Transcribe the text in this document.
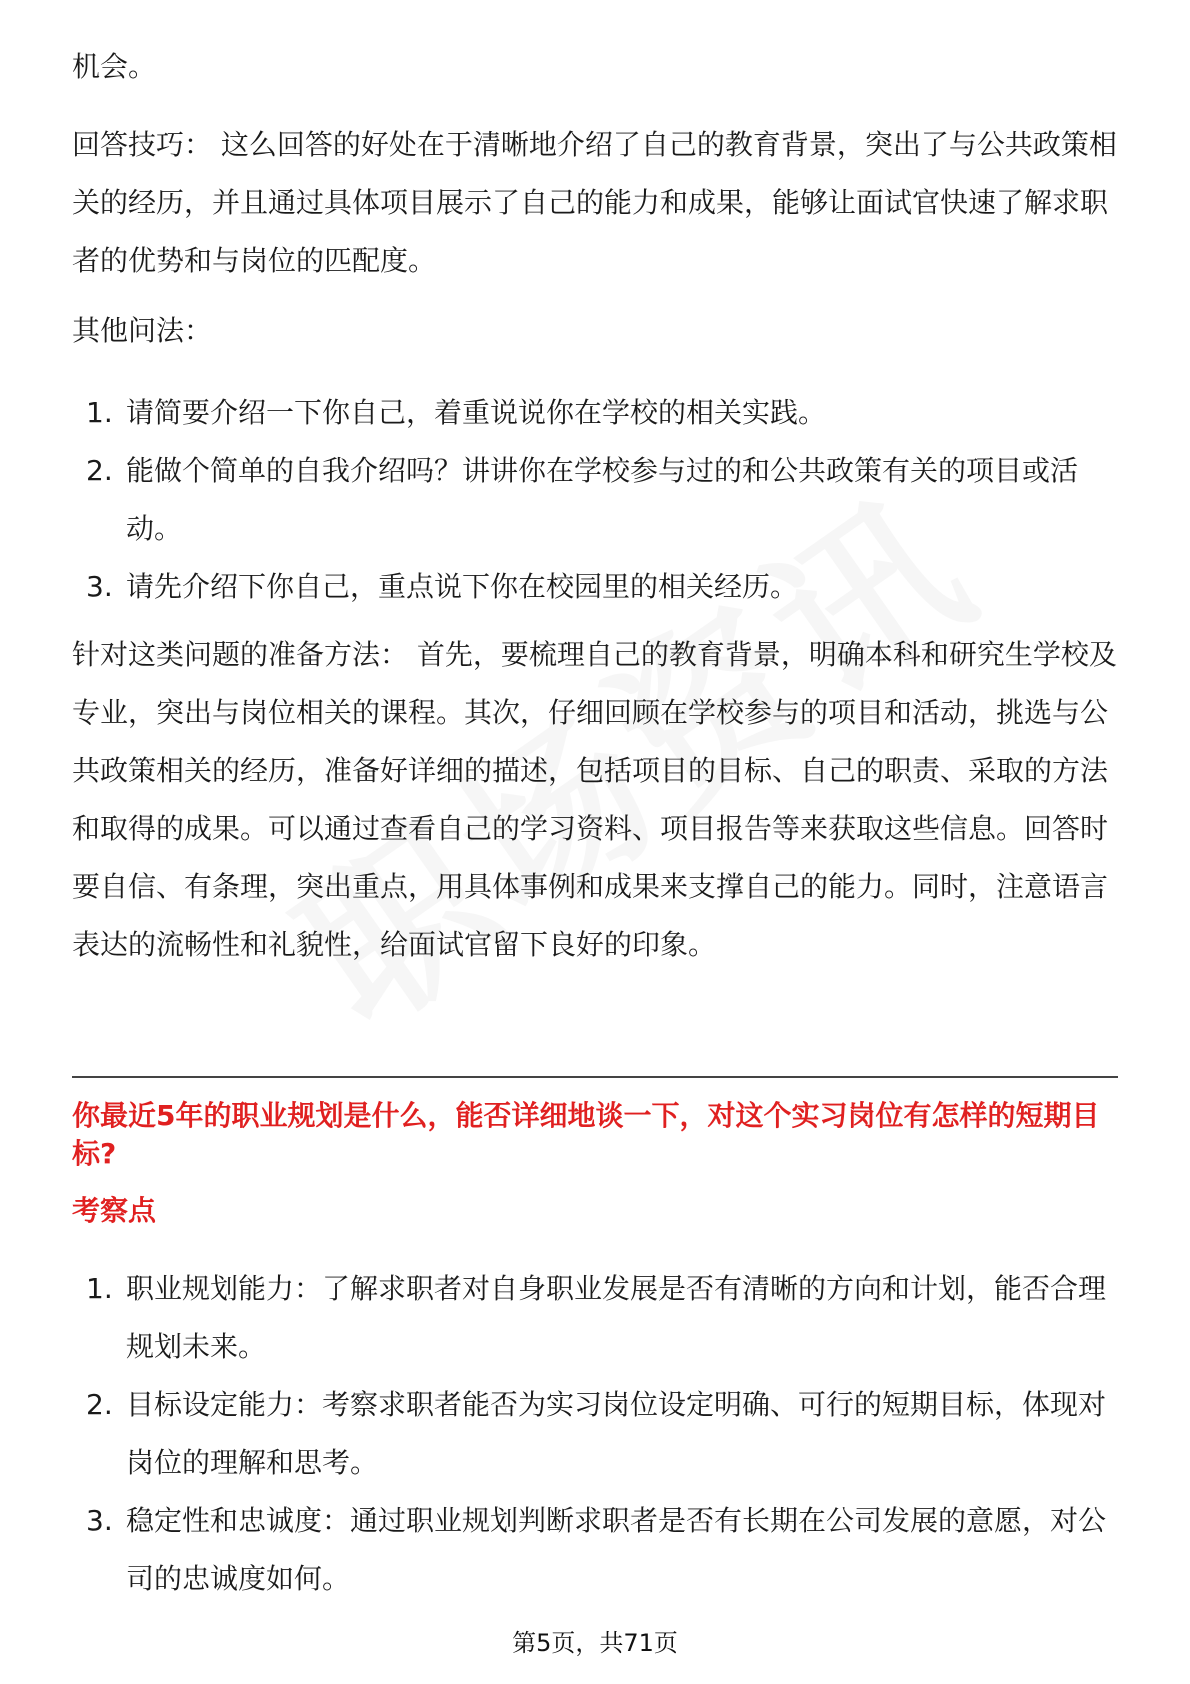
机会。

回答技巧： 这么回答的好处在于清晰地介绍了自己的教育背景，突出了与公共政策相关的经历，并且通过具体项目展示了自己的能力和成果，能够让面试官快速了解求职者的优势和与岗位的匹配度。

其他问法：

1. 请简要介绍一下你自己，着重说说你在学校的相关实践。
2. 能做个简单的自我介绍吗？讲讲你在学校参与过的和公共政策有关的项目或活动。
3. 请先介绍下你自己，重点说下你在校园里的相关经历。

针对这类问题的准备方法： 首先，要梳理自己的教育背景，明确本科和研究生学校及专业，突出与岗位相关的课程。其次，仔细回顾在学校参与的项目和活动，挑选与公共政策相关的经历，准备好详细的描述，包括项目的目标、自己的职责、采取的方法和取得的成果。可以通过查看自己的学习资料、项目报告等来获取这些信息。回答时要自信、有条理，突出重点，用具体事例和成果来支撑自己的能力。同时，注意语言表达的流畅性和礼貌性，给面试官留下良好的印象。

你最近5年的职业规划是什么，能否详细地谈一下，对这个实习岗位有怎样的短期目标?
考察点
1. 职业规划能力：了解求职者对自身职业发展是否有清晰的方向和计划，能否合理规划未来。
2. 目标设定能力：考察求职者能否为实习岗位设定明确、可行的短期目标，体现对岗位的理解和思考。
3. 稳定性和忠诚度：通过职业规划判断求职者是否有长期在公司发展的意愿，对公司的忠诚度如何。
第5页，共71页
